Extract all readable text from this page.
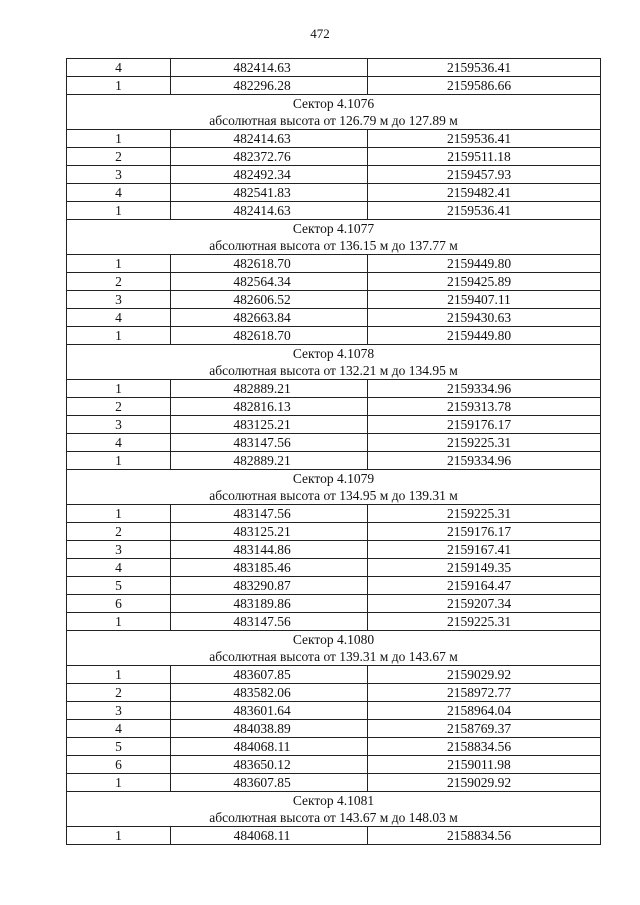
472
4	482414.63	2159536.41
1	482296.28	2159586.66
Сектор 4.1076		
абсолютная высота от 126.79 м до 127.89 м		
1	482414.63	2159536.41
2	482372.76	2159511.18
3	482492.34	2159457.93
4	482541.83	2159482.41
1	482414.63	2159536.41
Сектор 4.1077		
абсолютная высота от 136.15 м до 137.77 м		
1	482618.70	2159449.80
2	482564.34	2159425.89
3	482606.52	2159407.11
4	482663.84	2159430.63
1	482618.70	2159449.80
Сектор 4.1078		
абсолютная высота от 132.21 м до 134.95 м		
1	482889.21	2159334.96
2	482816.13	2159313.78
3	483125.21	2159176.17
4	483147.56	2159225.31
1	482889.21	2159334.96
Сектор 4.1079		
абсолютная высота от 134.95 м до 139.31 м		
1	483147.56	2159225.31
2	483125.21	2159176.17
3	483144.86	2159167.41
4	483185.46	2159149.35
5	483290.87	2159164.47
6	483189.86	2159207.34
1	483147.56	2159225.31
Сектор 4.1080		
абсолютная высота от 139.31 м до 143.67 м		
1	483607.85	2159029.92
2	483582.06	2158972.77
3	483601.64	2158964.04
4	484038.89	2158769.37
5	484068.11	2158834.56
6	483650.12	2159011.98
1	483607.85	2159029.92
Сектор 4.1081		
абсолютная высота от 143.67 м до 148.03 м		
1	484068.11	2158834.56
